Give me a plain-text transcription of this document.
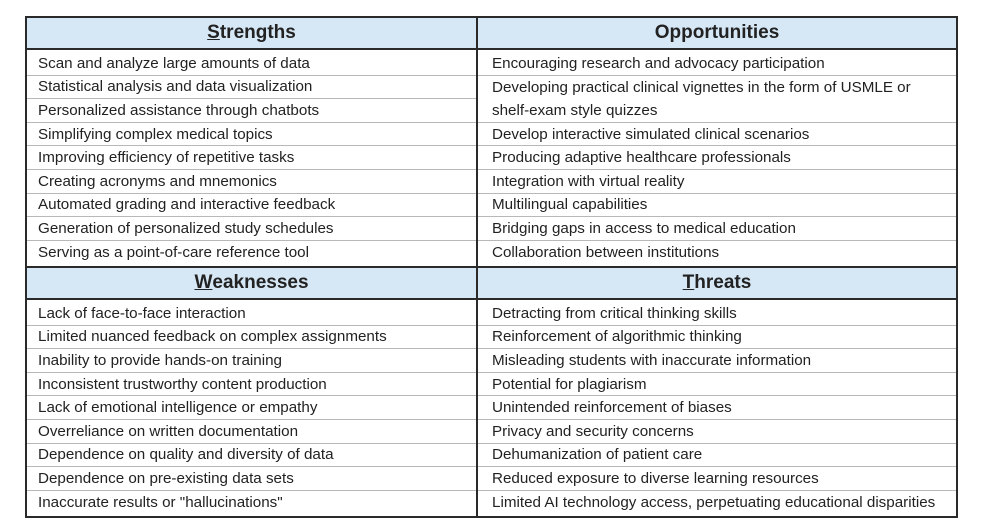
S trengths
Scan and analyze large amounts of data
Statistical analysis and data visualization
Personalized assistance through chatbots
Simplifying complex medical topics
Improving efficiency of repetitive tasks
Creating acronyms and mnemonics
Automated grading and interactive feedback
Generation of personalized study schedules
Serving as a point-of-care reference tool
Opportunities
Encouraging research and advocacy participation
Developing practical clinical vignettes in the form of USMLE or
shelf-exam style quizzes
Develop interactive simulated clinical scenarios
Producing adaptive healthcare professionals
Integration with virtual reality
Multilingual capabilities
Bridging gaps in access to medical education
Collaboration between institutions
W eaknesses
Lack of face-to-face interaction
Limited nuanced feedback on complex assignments
Inability to provide hands-on training
Inconsistent trustworthy content production
Lack of emotional intelligence or empathy
Overreliance on written documentation
Dependence on quality and diversity of data
Dependence on pre-existing data sets
Inaccurate results or "hallucinations"
T hreats
Detracting from critical thinking skills
Reinforcement of algorithmic thinking
Misleading students with inaccurate information
Potential for plagiarism
Unintended reinforcement of biases
Privacy and security concerns
Dehumanization of patient care
Reduced exposure to diverse learning resources
Limited AI technology access, perpetuating educational disparities
